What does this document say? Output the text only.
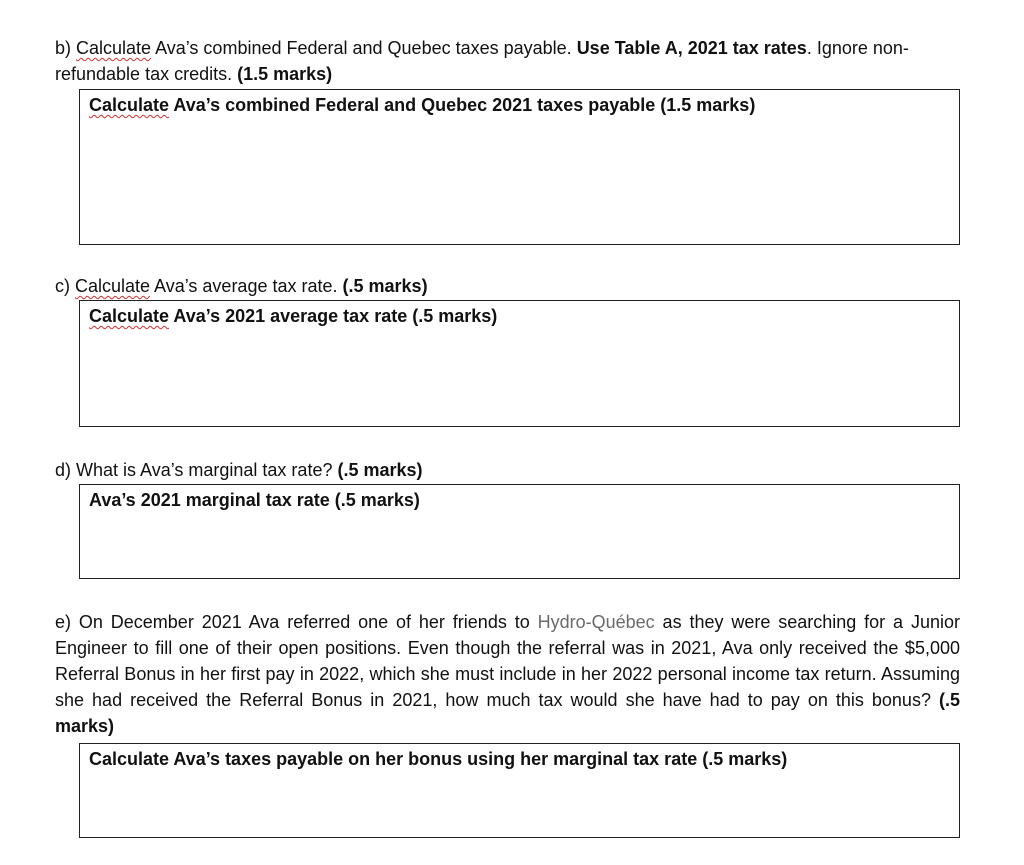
b) Calculate Ava’s combined Federal and Quebec taxes payable. Use Table A, 2021 tax rates. Ignore non-refundable tax credits. (1.5 marks)

Calculate Ava’s combined Federal and Quebec 2021 taxes payable (1.5 marks)

c) Calculate Ava’s average tax rate. (.5 marks)

Calculate Ava’s 2021 average tax rate (.5 marks)

d) What is Ava’s marginal tax rate? (.5 marks)

Ava’s 2021 marginal tax rate (.5 marks)

e) On December 2021 Ava referred one of her friends to Hydro-Québec as they were searching for a Junior Engineer to fill one of their open positions. Even though the referral was in 2021, Ava only received the $5,000 Referral Bonus in her first pay in 2022, which she must include in her 2022 personal income tax return. Assuming she had received the Referral Bonus in 2021, how much tax would she have had to pay on this bonus? (.5 marks)

Calculate Ava’s taxes payable on her bonus using her marginal tax rate (.5 marks)
